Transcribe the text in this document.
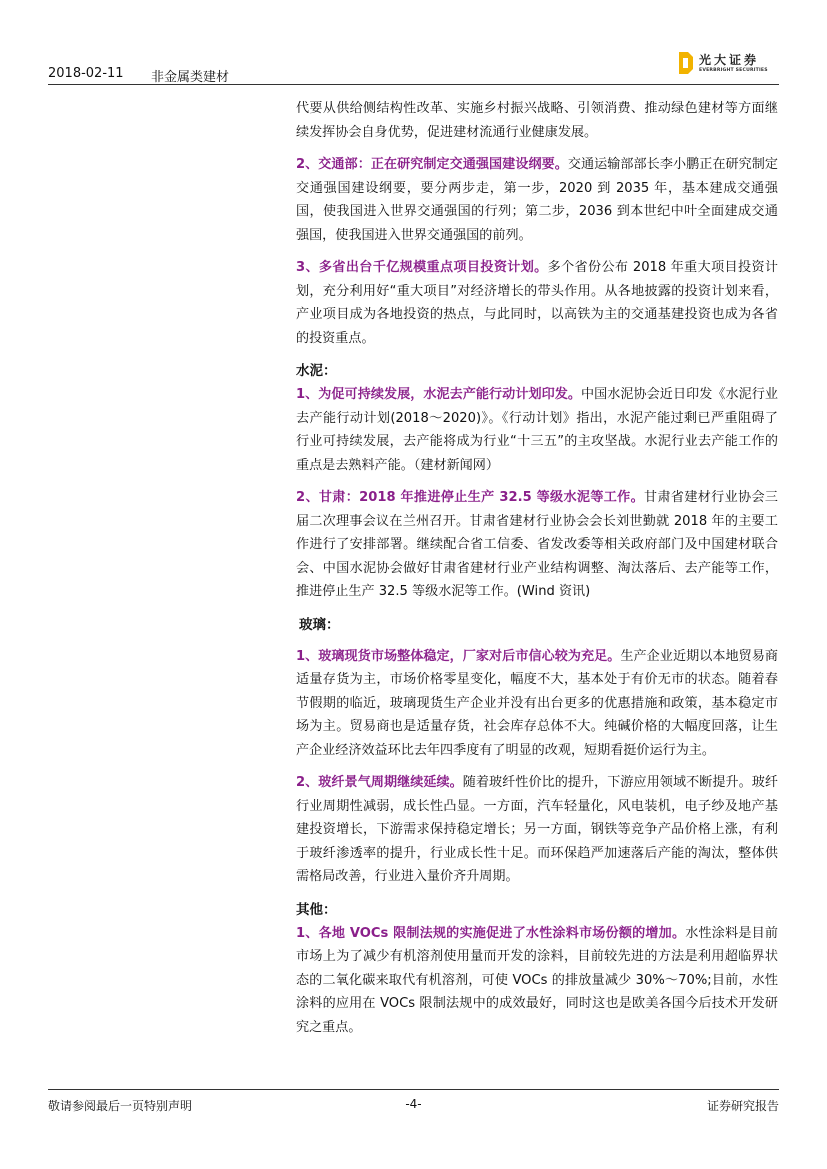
2018-02-11 非金属类建材
光大证券
EVERBRIGHT SECURITIES

代要从供给侧结构性改革、实施乡村振兴战略、引领消费、推动绿色建材等方面继续发挥协会自身优势，促进建材流通行业健康发展。

2、交通部：正在研究制定交通强国建设纲要。交通运输部部长李小鹏正在研究制定交通强国建设纲要，要分两步走，第一步，2020 到 2035 年，基本建成交通强国，使我国进入世界交通强国的行列；第二步，2036 到本世纪中叶全面建成交通强国，使我国进入世界交通强国的前列。

3、多省出台千亿规模重点项目投资计划。多个省份公布 2018 年重大项目投资计划，充分利用好“重大项目”对经济增长的带头作用。从各地披露的投资计划来看，产业项目成为各地投资的热点，与此同时，以高铁为主的交通基建投资也成为各省的投资重点。

水泥：

1、为促可持续发展，水泥去产能行动计划印发。中国水泥协会近日印发《水泥行业去产能行动计划(2018～2020)》。《行动计划》指出，水泥产能过剩已严重阻碍了行业可持续发展，去产能将成为行业“十三五”的主攻坚战。水泥行业去产能工作的重点是去熟料产能。（建材新闻网）

2、甘肃：2018 年推进停止生产 32.5 等级水泥等工作。甘肃省建材行业协会三届二次理事会议在兰州召开。甘肃省建材行业协会会长刘世勤就 2018 年的主要工作进行了安排部署。继续配合省工信委、省发改委等相关政府部门及中国建材联合会、中国水泥协会做好甘肃省建材行业产业结构调整、淘汰落后、去产能等工作，推进停止生产 32.5 等级水泥等工作。(Wind 资讯)

玻璃：

1、玻璃现货市场整体稳定，厂家对后市信心较为充足。生产企业近期以本地贸易商适量存货为主，市场价格零星变化，幅度不大，基本处于有价无市的状态。随着春节假期的临近，玻璃现货生产企业并没有出台更多的优惠措施和政策，基本稳定市场为主。贸易商也是适量存货，社会库存总体不大。纯碱价格的大幅度回落，让生产企业经济效益环比去年四季度有了明显的改观，短期看挺价运行为主。

2、玻纤景气周期继续延续。随着玻纤性价比的提升，下游应用领域不断提升。玻纤行业周期性减弱，成长性凸显。一方面，汽车轻量化，风电装机，电子纱及地产基建投资增长，下游需求保持稳定增长；另一方面，钢铁等竞争产品价格上涨，有利于玻纤渗透率的提升，行业成长性十足。而环保趋严加速落后产能的淘汰，整体供需格局改善，行业进入量价齐升周期。

其他：

1、各地 VOCs 限制法规的实施促进了水性涂料市场份额的增加。水性涂料是目前市场上为了减少有机溶剂使用量而开发的涂料，目前较先进的方法是利用超临界状态的二氧化碳来取代有机溶剂，可使 VOCs 的排放量减少 30%～70%;目前，水性涂料的应用在 VOCs 限制法规中的成效最好，同时这也是欧美各国今后技术开发研究之重点。

敬请参阅最后一页特别声明	-4-	证券研究报告
